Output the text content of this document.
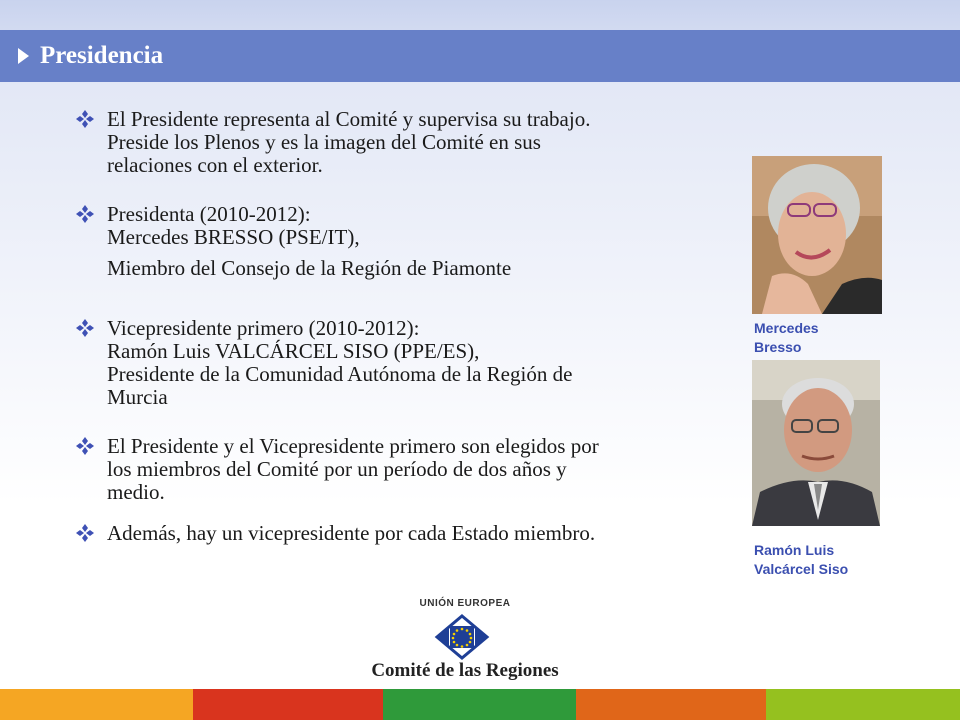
Presidencia

El Presidente representa al Comité y supervisa su trabajo.

Preside los Plenos y es la imagen del Comité en sus

relaciones con el exterior.

Presidenta (2010-2012):

Mercedes BRESSO (PSE/IT),

Miembro del Consejo de la Región de Piamonte

Vicepresidente primero (2010-2012):

Ramón Luis VALCÁRCEL SISO (PPE/ES),

Presidente de la Comunidad Autónoma de la Región de

Murcia

El Presidente y el Vicepresidente primero son elegidos por

los miembros del Comité por un período de dos años y

medio.

Además, hay un vicepresidente por cada Estado miembro.

Mercedes
Bresso
Ramón Luis
Valcárcel Siso
UNIÓN EUROPEA
Comité de las Regiones
